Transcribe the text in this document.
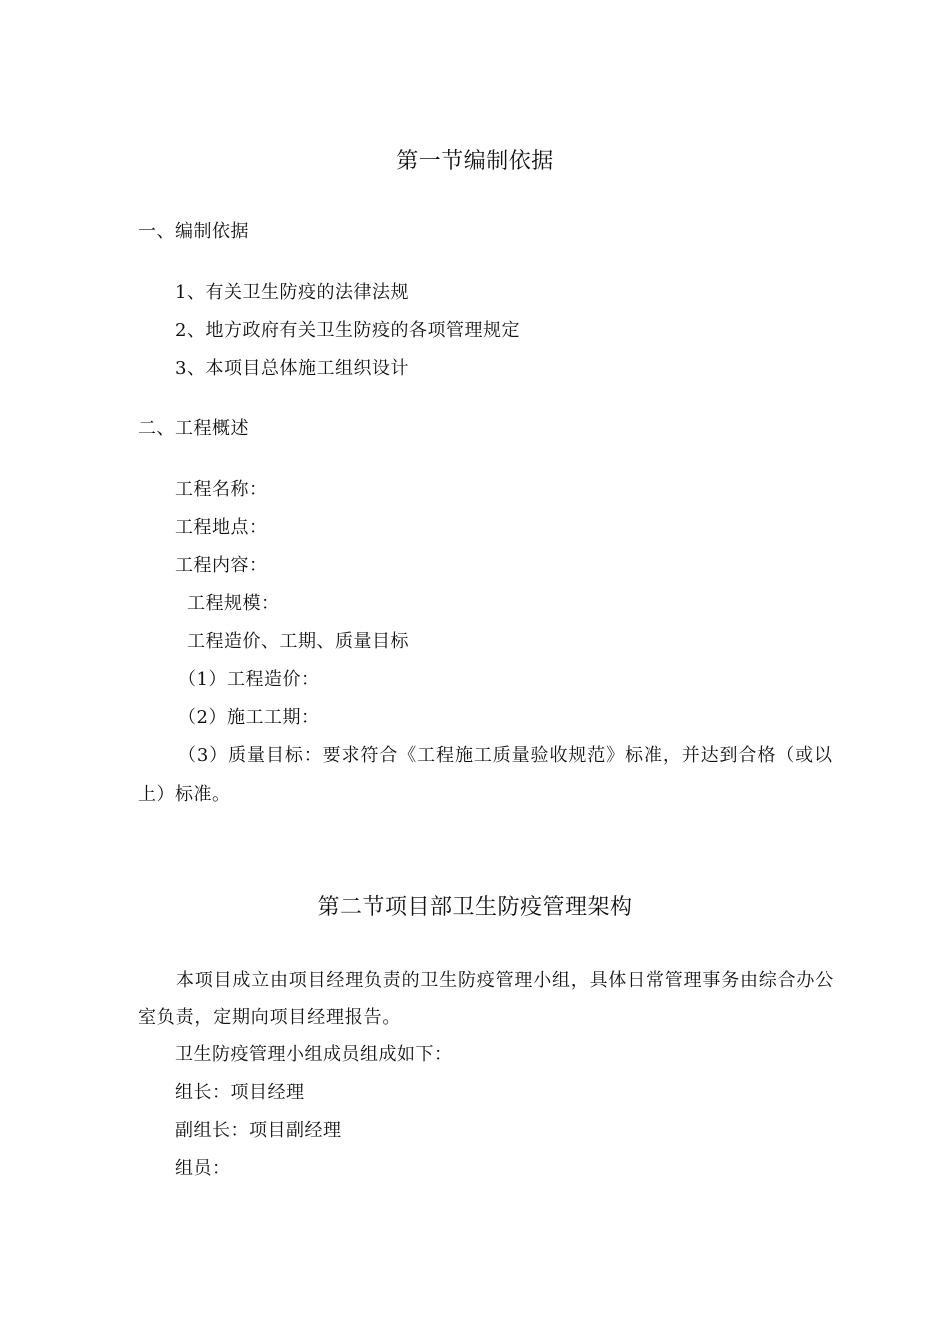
第一节编制依据
一、编制依据
1、有关卫生防疫的法律法规
2、地方政府有关卫生防疫的各项管理规定
3、本项目总体施工组织设计
二、工程概述
工程名称：
工程地点：
工程内容：
工程规模：
工程造价、工期、质量目标
（1）工程造价：
（2）施工工期：
（3）质量目标：要求符合《工程施工质量验收规范》标准，并达到合格（或以
上）标准。
第二节项目部卫生防疫管理架构
本项目成立由项目经理负责的卫生防疫管理小组，具体日常管理事务由综合办公室负责，定期向项目经理报告。
卫生防疫管理小组成员组成如下：
组长：项目经理
副组长：项目副经理
组员：
